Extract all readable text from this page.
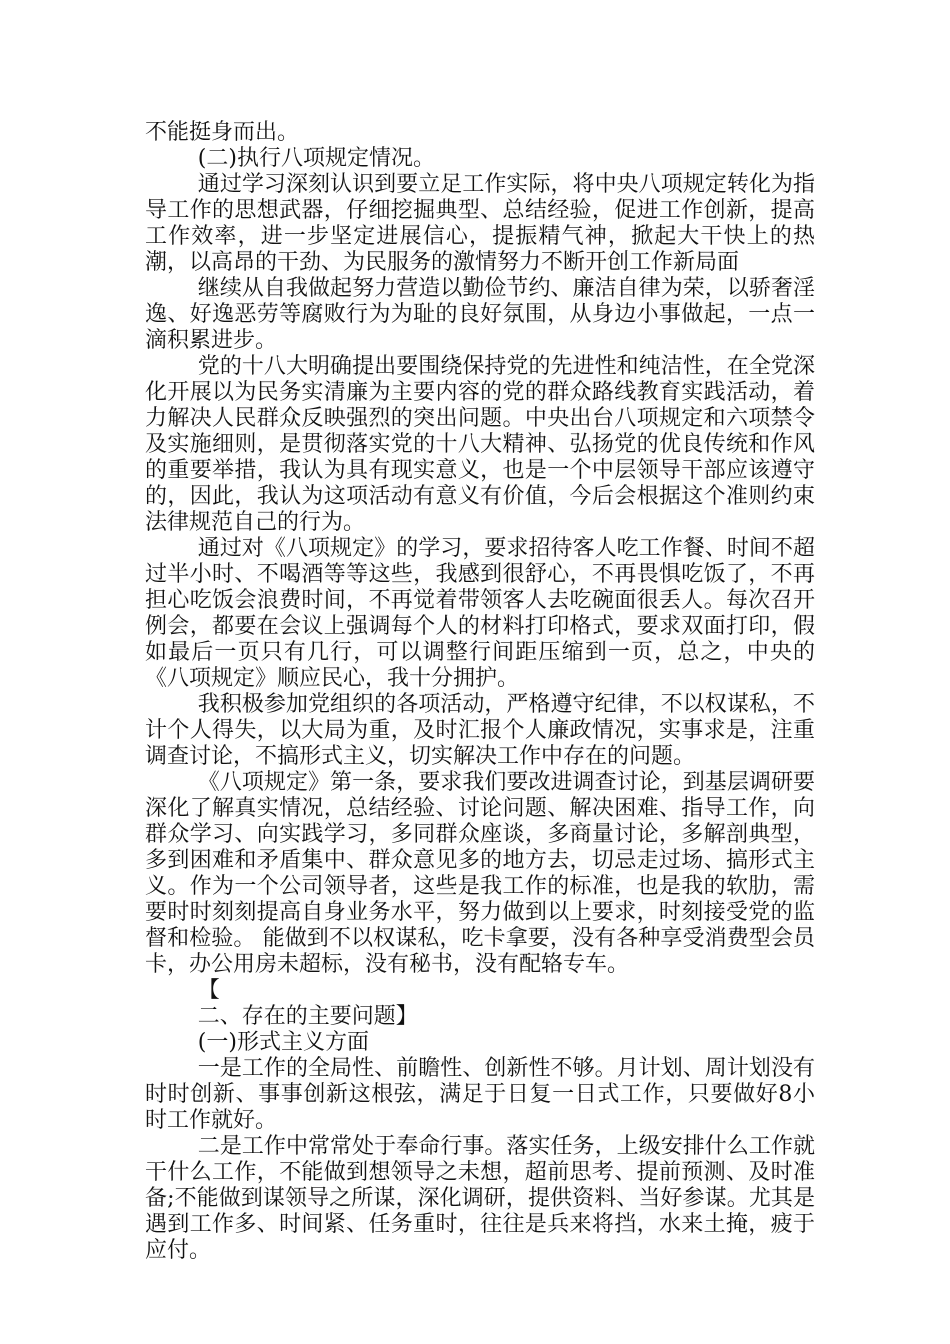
不能挺身而出。

(二)执行八项规定情况。

通过学习深刻认识到要立足工作实际，将中央八项规定转化为指导工作的思想武器，仔细挖掘典型、总结经验，促进工作创新，提高工作效率，进一步坚定进展信心，提振精气神，掀起大干快上的热潮，以高昂的干劲、为民服务的激情努力不断开创工作新局面

继续从自我做起努力营造以勤俭节约、廉洁自律为荣，以骄奢淫逸、好逸恶劳等腐败行为为耻的良好氛围，从身边小事做起，一点一滴积累进步。

党的十八大明确提出要围绕保持党的先进性和纯洁性，在全党深化开展以为民务实清廉为主要内容的党的群众路线教育实践活动，着力解决人民群众反映强烈的突出问题。中央出台八项规定和六项禁令及实施细则，是贯彻落实党的十八大精神、弘扬党的优良传统和作风的重要举措，我认为具有现实意义，也是一个中层领导干部应该遵守的，因此，我认为这项活动有意义有价值，今后会根据这个准则约束法律规范自己的行为。

通过对《八项规定》的学习，要求招待客人吃工作餐、时间不超过半小时、不喝酒等等这些，我感到很舒心，不再畏惧吃饭了，不再担心吃饭会浪费时间，不再觉着带领客人去吃碗面很丢人。每次召开例会，都要在会议上强调每个人的材料打印格式，要求双面打印，假如最后一页只有几行，可以调整行间距压缩到一页，总之，中央的《八项规定》顺应民心，我十分拥护。

我积极参加党组织的各项活动，严格遵守纪律，不以权谋私，不计个人得失，以大局为重，及时汇报个人廉政情况，实事求是，注重调查讨论，不搞形式主义，切实解决工作中存在的问题。

《八项规定》第一条，要求我们要改进调查讨论，到基层调研要深化了解真实情况，总结经验、讨论问题、解决困难、指导工作，向群众学习、向实践学习，多同群众座谈，多商量讨论，多解剖典型，多到困难和矛盾集中、群众意见多的地方去，切忌走过场、搞形式主义。作为一个公司领导者，这些是我工作的标准，也是我的软肋，需要时时刻刻提高自身业务水平，努力做到以上要求，时刻接受党的监督和检验。 能做到不以权谋私，吃卡拿要，没有各种享受消费型会员卡，办公用房未超标，没有秘书，没有配辂专车。

【

二、存在的主要问题】

(一)形式主义方面

一是工作的全局性、前瞻性、创新性不够。月计划、周计划没有时时创新、事事创新这根弦，满足于日复一日式工作，只要做好8小时工作就好。

二是工作中常常处于奉命行事。落实任务，上级安排什么工作就干什么工作，不能做到想领导之未想，超前思考、提前预测、及时准备;不能做到谋领导之所谋，深化调研，提供资料、当好参谋。尤其是遇到工作多、时间紧、任务重时，往往是兵来将挡，水来土掩，疲于应付。
